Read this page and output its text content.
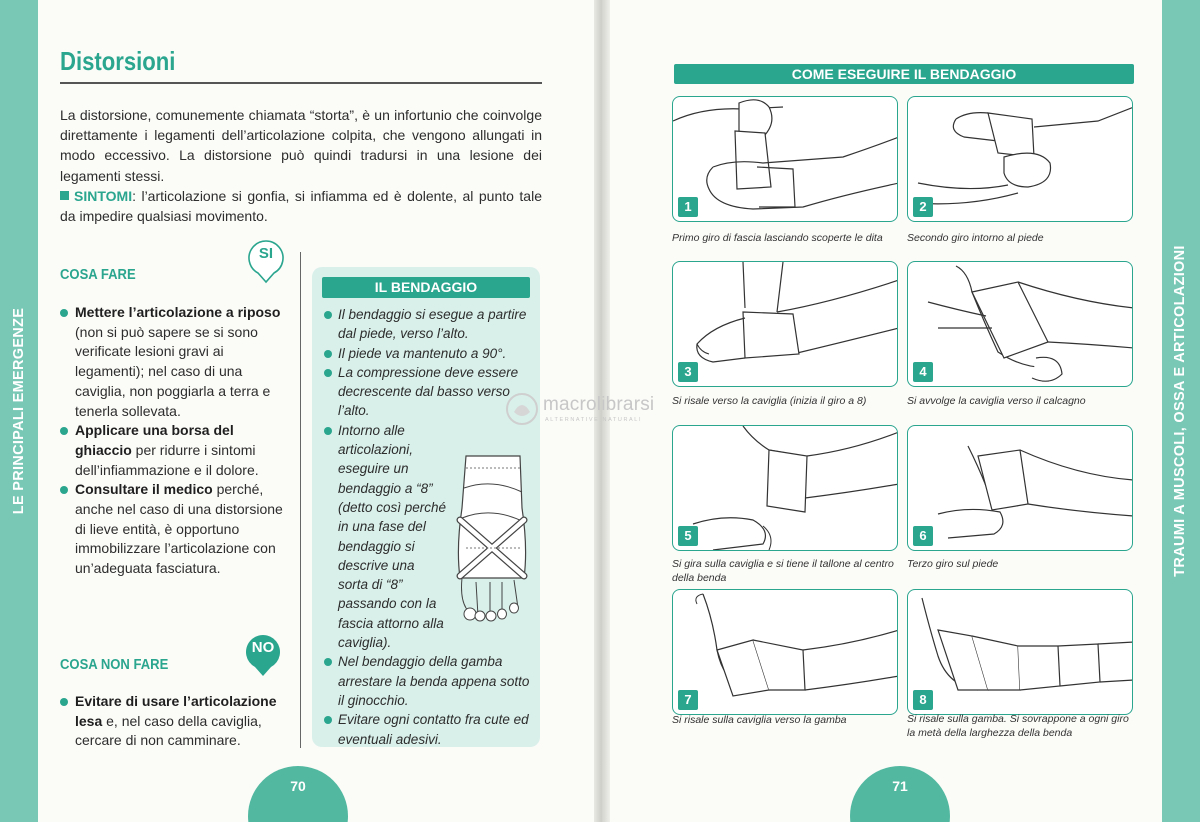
LE PRINCIPALI EMERGENZE
Distorsioni

La distorsione, comunemente chiamata “storta”, è un infortunio che coinvolge direttamente i legamenti dell’articolazione colpita, che vengono allungati in modo eccessivo. La distorsione può quindi tradursi in una lesione dei legamenti stessi.

SINTOMI: l’articolazione si gonfia, si infiamma ed è dolente, al punto tale da impedire qualsiasi movimento.

SI
COSA FARE
Mettere l’articolazione a riposo (non si può sapere se si sono verificate lesioni gravi ai legamenti); nel caso di una caviglia, non poggiarla a terra e tenerla sollevata.
Applicare una borsa del ghiaccio per ridurre i sintomi dell’infiammazione e il dolore.
Consultare il medico perché, anche nel caso di una distorsione di lieve entità, è opportuno immobilizzare l’articolazione con un’adeguata fasciatura.
NO
COSA NON FARE
Evitare di usare l’articolazione lesa e, nel caso della caviglia, cercare di non camminare.
IL BENDAGGIO
Il bendaggio si esegue a partire dal piede, verso l’alto.
Il piede va mantenuto a 90°.
La compressione deve essere decrescente dal basso verso l’alto.
Intorno alle articolazioni, eseguire un bendaggio a “8” (detto così perché in una fase del bendaggio si descrive una sorta di “8” passando con la fascia attorno alla caviglia).
Nel bendaggio della gamba arrestare la benda appena sotto il ginocchio.
Evitare ogni contatto fra cute ed eventuali adesivi.
70
TRAUMI A MUSCOLI, OSSA E ARTICOLAZIONI
COME ESEGUIRE IL BENDAGGIO
1
Primo giro di fascia lasciando scoperte le dita
2
Secondo giro intorno al piede
3
Si risale verso la caviglia (inizia il giro a 8)
4
Si avvolge la caviglia verso il calcagno
5
Si gira sulla caviglia e si tiene il tallone al centro della benda
6
Terzo giro sul piede
7
Si risale sulla caviglia verso la gamba
8
Si risale sulla gamba. Si sovrappone a ogni giro la metà della larghezza della benda
71
macrolibrarsi
ALTERNATIVE NATURALI
